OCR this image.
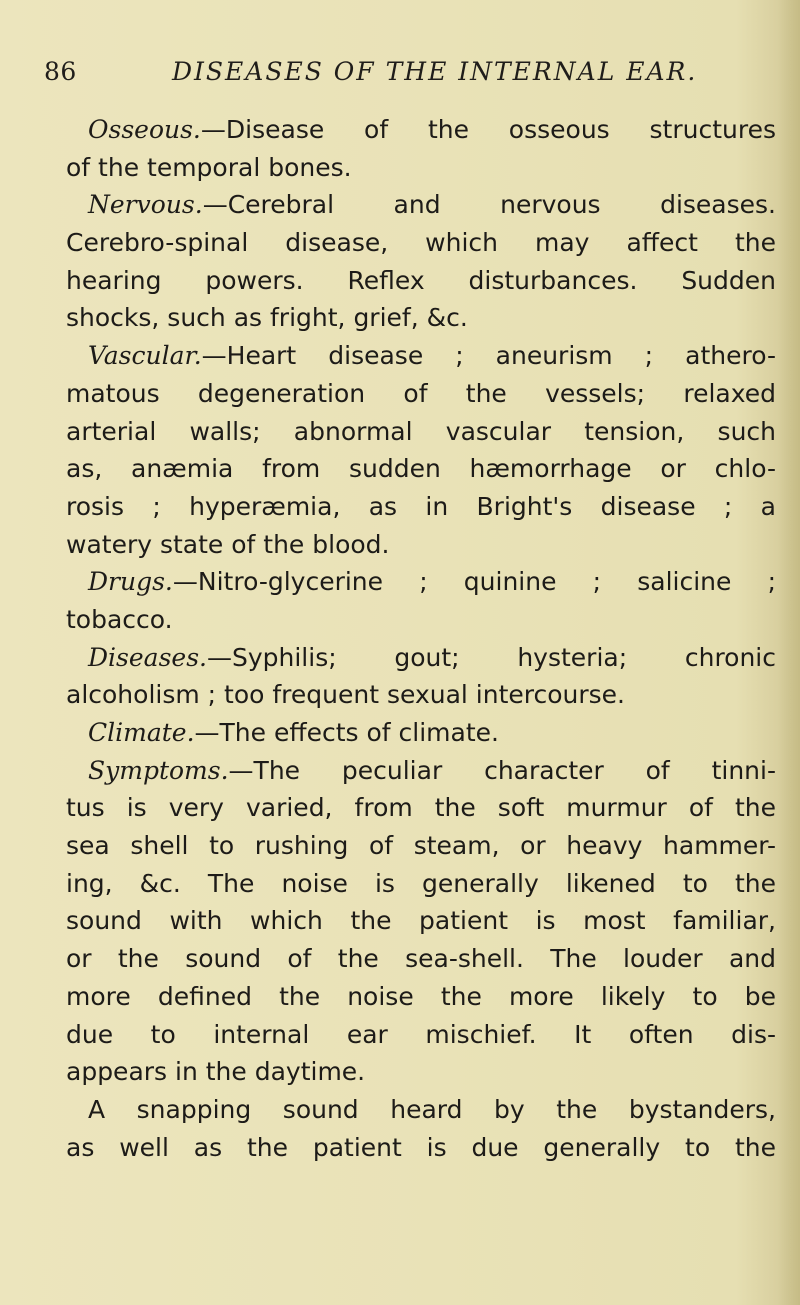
86	DISEASES OF THE INTERNAL EAR.
Osseous.—Disease of the osseous structures
of the temporal bones.
Nervous.—Cerebral and nervous diseases.
Cerebro-spinal disease, which may affect the
hearing powers. Reflex disturbances. Sudden
shocks, such as fright, grief, &c.
Vascular.—Heart disease ; aneurism ; athero-
matous degeneration of the vessels; relaxed
arterial walls; abnormal vascular tension, such
as, anæmia from sudden hæmorrhage or chlo-
rosis ; hyperæmia, as in Bright's disease ; a
watery state of the blood.
Drugs.—Nitro-glycerine ; quinine ; salicine ;
tobacco.
Diseases.—Syphilis; gout; hysteria; chronic
alcoholism ; too frequent sexual intercourse.
Climate.—The effects of climate.
Symptoms.—The peculiar character of tinni-
tus is very varied, from the soft murmur of the
sea shell to rushing of steam, or heavy hammer-
ing, &c. The noise is generally likened to the
sound with which the patient is most familiar,
or the sound of the sea-shell. The louder and
more defined the noise the more likely to be
due to internal ear mischief. It often dis-
appears in the daytime.
A snapping sound heard by the bystanders,
as well as the patient is due generally to the
